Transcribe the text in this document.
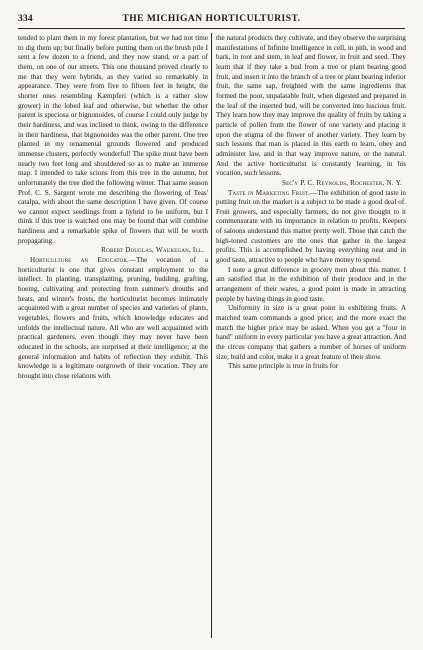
334	THE MICHIGAN HORTICULTURIST.

tended to plant them in my forest plantation, but we had not time to dig them up; but finally before putting them on the brush pile I sent a few dozen to a friend, and they now stand, or a part of them, on one of our streets. This one thousand proved clearly to me that they were hybrids, as they varied so remarkably in appearance. They were from five to fifteen feet in height, the shorter ones resembling Kæmpferi (which is a rather slow grower) in the lobed leaf and otherwise, but whether the other parent is speciosa or bignonoides, of course I could only judge by their hardiness, and was inclined to think, owing to the difference in their hardiness, that bignonoides was the other parent. One tree planted in my ornamental grounds flowered and produced immense clusters, perfectly wonderful! The spike must have been nearly two feet long and shouldered so as to make an immense map. I intended to take scions from this tree in the autumn, but unfortunately the tree died the following winter. That same season Prof. C. S. Sargent wrote me describing the flowering of Teas' catalpa, with about the same description I have given. Of course we cannot expect seedlings from a hybrid to be uniform, but I think if this tree is watched one may be found that will combine hardiness and a remarkable spike of flowers that will be worth propagating.

Robert Douglas, Waukegan, Ill.

Horticulture an Educator.—The vocation of a horticulturist is one that gives constant employment to the intellect. In planting, transplanting, pruning, budding, grafting, hoeing, cultivating and protecting from summer's drouths and heats, and winter's frosts, the horticulturist becomes intimately acquainted with a great number of species and varieties of plants, vegetables, flowers and fruits, which knowledge educates and unfolds the intellectual nature. All who are well acquainted with practical gardeners, even though they may never have been educated in the schools, are surprised at their intelligence; at the general information and habits of reflection they exhibit. This knowledge is a legitimate outgrowth of their vocation. They are brought into close relations with

the natural products they cultivate, and they observe the surprising manifestations of Infinite Intelligence in cell, in pith, in wood and bark, in root and stem, in leaf and flower, in fruit and seed. They learn that if they take a bud from a tree or plant bearing good fruit, and insert it into the branch of a tree or plant bearing inferior fruit, the same sap, freighted with the same ingredients that formed the poor, unpalatable fruit, when digested and prepared in the leaf of the inserted bud, will be converted into luscious fruit. They learn how they may improve the quality of fruits by taking a particle of pollen from the flower of one variety and placing it upon the stigma of the flower of another variety. They learn by such lessons that man is placed in this earth to learn, obey and administer law, and in that way improve nature, or the natural. And the active horticulturist is constantly learning, in his vocation, such lessons.

Sec'y P. C. Reynolds, Rochester, N. Y.

Taste in Marketing Fruit.—The exhibition of good taste in putting fruit on the market is a subject to be made a good deal of. Fruit growers, and especially farmers, do not give thought to it commensurate with its importance in relation to profits. Keepers of saloons understand this matter pretty well. Those that catch the high-toned customers are the ones that gather in the largest profits. This is accomplished by having everything neat and in good taste, attractive to people who have money to spend.

I note a great difference in grocery men about this matter. I am satisfied that in the exhibition of their produce and in the arrangement of their wares, a good point is made in attracting people by having things in good taste.

Uniformity in size is a great point in exhibiting fruits. A matched team commands a good price; and the more exact the match the higher price may be asked. When you get a "four in hand" uniform in every particular you have a great attraction. And the circus company that gathers a number of horses of uniform size, build and color, make it a great feature of their show.

This same principle is true in fruits for
